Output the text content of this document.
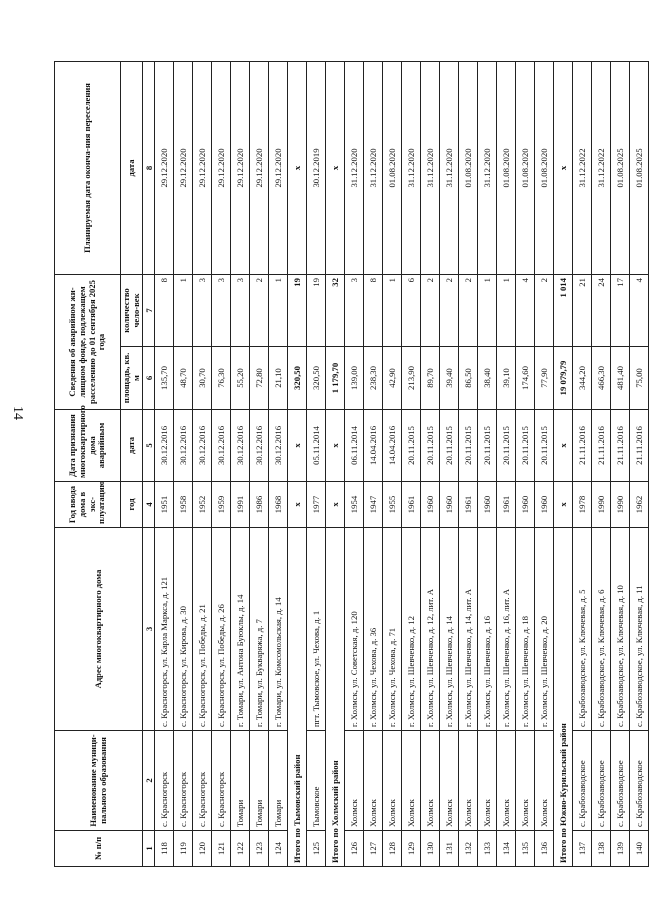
14
№ п/п	Наименование муници-пального образования	Адрес многоквартирного дома	Год ввода дома в экс-плуатацию	Дата признания многоквартирного дома аварийным	Сведения об аварийном жи-лищном фонде, подлежащем расселению до 01 сентября 2025 года		Планируемая дата оконча-ния переселения
			год	дата	площадь, кв. м	количество чело-век	дата
1	2	3	4	5	6	7	8
118	с. Красногорск	с. Красногорск, ул. Карла Маркса, д. 121	1951	30.12.2016	135,70	8	29.12.2020
119	с. Красногорск	с. Красногорск, ул. Кирова, д. 30	1958	30.12.2016	48,70	1	29.12.2020
120	с. Красногорск	с. Красногорск, ул. Победы, д. 21	1952	30.12.2016	30,70	3	29.12.2020
121	с. Красногорск	с. Красногорск, ул. Победы, д. 26	1959	30.12.2016	76,30	3	29.12.2020
122	Томари	г. Томари, ул. Антона Буюклы, д. 14	1991	30.12.2016	55,20	3	29.12.2020
123	Томари	г. Томари, ул. Букваряжа, д. 7	1986	30.12.2016	72,80	2	29.12.2020
124	Томари	г. Томари, ул. Комсомольская, д. 14	1968	30.12.2016	21,10	1	29.12.2020
Итого по Тымовский район			x	x	320,50	19	x
125	Тымовское	пгт. Тымовское, ул. Чехова, д. 1	1977	05.11.2014	320,50	19	30.12.2019
Итого по Холмский район			x	x	1 179,70	32	x
126	Холмск	г. Холмск, ул. Советская, д. 120	1954	06.11.2014	139,00	3	31.12.2020
127	Холмск	г. Холмск, ул. Чехова, д. 36	1947	14.04.2016	238,30	8	31.12.2020
128	Холмск	г. Холмск, ул. Чехова, д. 71	1955	14.04.2016	42,90	1	01.08.2020
129	Холмск	г. Холмск, ул. Шевченко, д. 12	1961	20.11.2015	213,90	6	31.12.2020
130	Холмск	г. Холмск, ул. Шевченко, д. 12, лит. А	1960	20.11.2015	89,70	2	31.12.2020
131	Холмск	г. Холмск, ул. Шевченко, д. 14	1960	20.11.2015	39,40	2	31.12.2020
132	Холмск	г. Холмск, ул. Шевченко, д. 14, лит. А	1961	20.11.2015	86,50	2	01.08.2020
133	Холмск	г. Холмск, ул. Шевченко, д. 16	1960	20.11.2015	38,40	1	31.12.2020
134	Холмск	г. Холмск, ул. Шевченко, д. 16, лит. А	1961	20.11.2015	39,10	1	01.08.2020
135	Холмск	г. Холмск, ул. Шевченко, д. 18	1960	20.11.2015	174,60	4	01.08.2020
136	Холмск	г. Холмск, ул. Шевченко, д. 20	1960	20.11.2015	77,90	2	01.08.2020
Итого по Южно-Курильский район			x	x	19 079,79	1 014	x
137	с. Крабозаводское	с. Крабозаводское, ул. Ключевая, д. 5	1978	21.11.2016	344,20	21	31.12.2022
138	с. Крабозаводское	с. Крабозаводское, ул. Ключевая, д. 6	1990	21.11.2016	466,30	24	31.12.2022
139	с. Крабозаводское	с. Крабозаводское, ул. Ключевая, д. 10	1990	21.11.2016	481,40	17	01.08.2025
140	с. Крабозаводское	с. Крабозаводское, ул. Ключевая, д. 11	1962	21.11.2016	75,00	4	01.08.2025
